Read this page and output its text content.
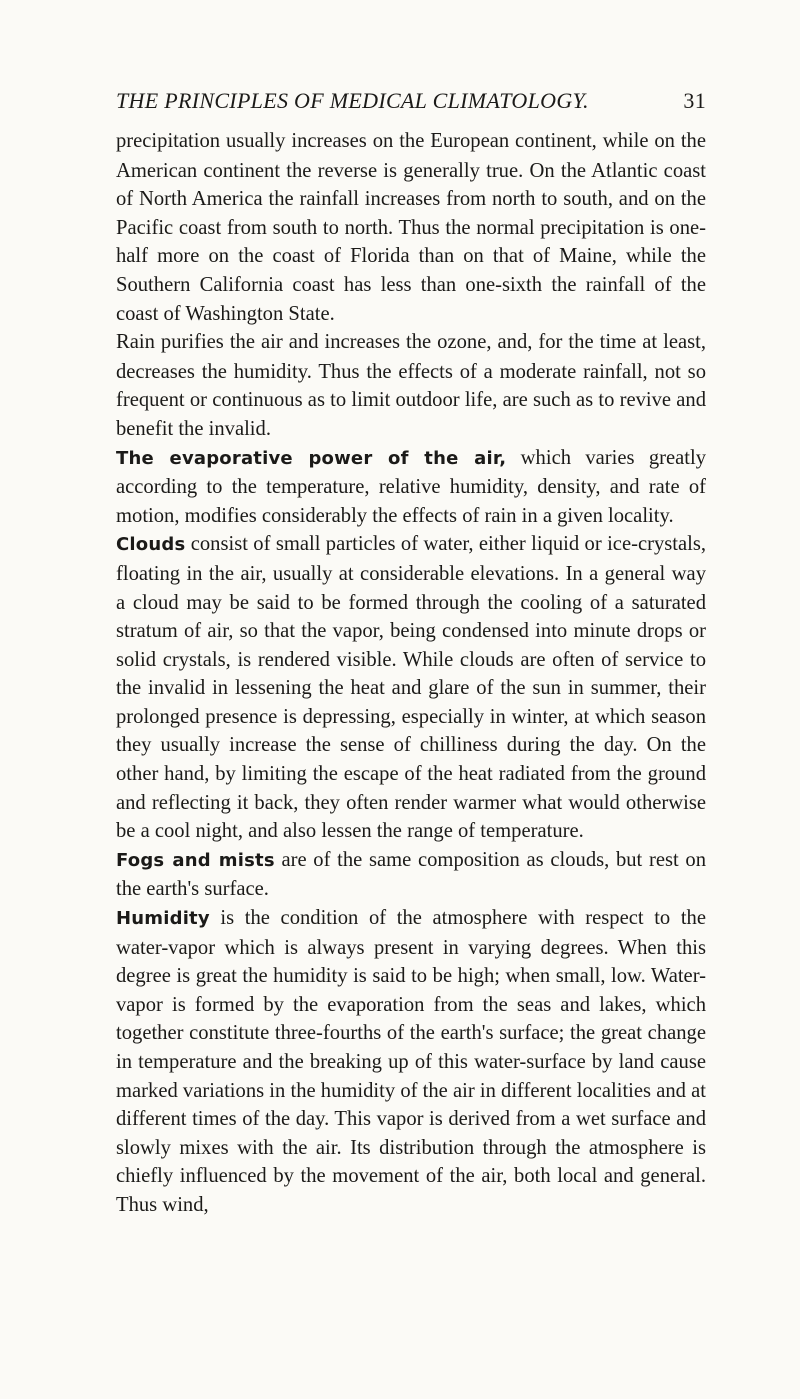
THE PRINCIPLES OF MEDICAL CLIMATOLOGY.	31

precipitation usually increases on the European continent, while on the American continent the reverse is generally true. On the Atlantic coast of North America the rainfall increases from north to south, and on the Pacific coast from south to north. Thus the normal precipitation is one-half more on the coast of Florida than on that of Maine, while the Southern California coast has less than one-sixth the rainfall of the coast of Washington State.

Rain purifies the air and increases the ozone, and, for the time at least, decreases the humidity. Thus the effects of a moderate rainfall, not so frequent or continuous as to limit outdoor life, are such as to revive and benefit the invalid.

The evaporative power of the air, which varies greatly according to the temperature, relative humidity, density, and rate of motion, modifies considerably the effects of rain in a given locality.

Clouds consist of small particles of water, either liquid or ice-crystals, floating in the air, usually at considerable elevations. In a general way a cloud may be said to be formed through the cooling of a saturated stratum of air, so that the vapor, being condensed into minute drops or solid crystals, is rendered visible. While clouds are often of service to the invalid in lessening the heat and glare of the sun in summer, their prolonged presence is depressing, especially in winter, at which season they usually increase the sense of chilliness during the day. On the other hand, by limiting the escape of the heat radiated from the ground and reflecting it back, they often render warmer what would otherwise be a cool night, and also lessen the range of temperature.

Fogs and mists are of the same composition as clouds, but rest on the earth's surface.

Humidity is the condition of the atmosphere with respect to the water-vapor which is always present in varying degrees. When this degree is great the humidity is said to be high; when small, low. Water-vapor is formed by the evaporation from the seas and lakes, which together constitute three-fourths of the earth's surface; the great change in temperature and the breaking up of this water-surface by land cause marked variations in the humidity of the air in different localities and at different times of the day. This vapor is derived from a wet surface and slowly mixes with the air. Its distribution through the atmosphere is chiefly influenced by the movement of the air, both local and general. Thus wind,
